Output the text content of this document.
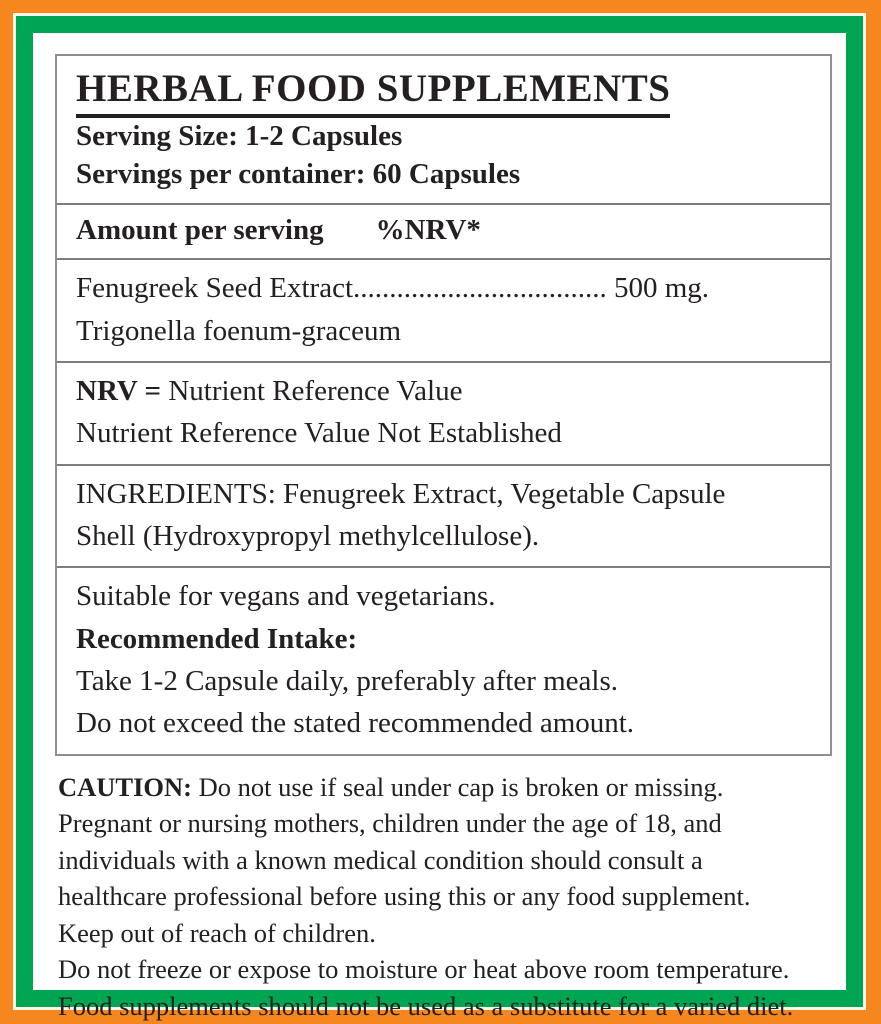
HERBAL FOOD SUPPLEMENTS
Serving Size: 1-2 Capsules
Servings per container: 60 Capsules
Amount per serving %NRV*
Fenugreek Seed Extract................................... 500 mg.
Trigonella foenum-graceum
NRV = Nutrient Reference Value
Nutrient Reference Value Not Established
INGREDIENTS: Fenugreek Extract, Vegetable Capsule
Shell (Hydroxypropyl methylcellulose).
Suitable for vegans and vegetarians.
Recommended Intake:
Take 1-2 Capsule daily, preferably after meals.
Do not exceed the stated recommended amount.
CAUTION: Do not use if seal under cap is broken or missing.
Pregnant or nursing mothers, children under the age of 18, and
individuals with a known medical condition should consult a
healthcare professional before using this or any food supplement.
Keep out of reach of children.
Do not freeze or expose to moisture or heat above room temperature.
Food supplements should not be used as a substitute for a varied diet.
